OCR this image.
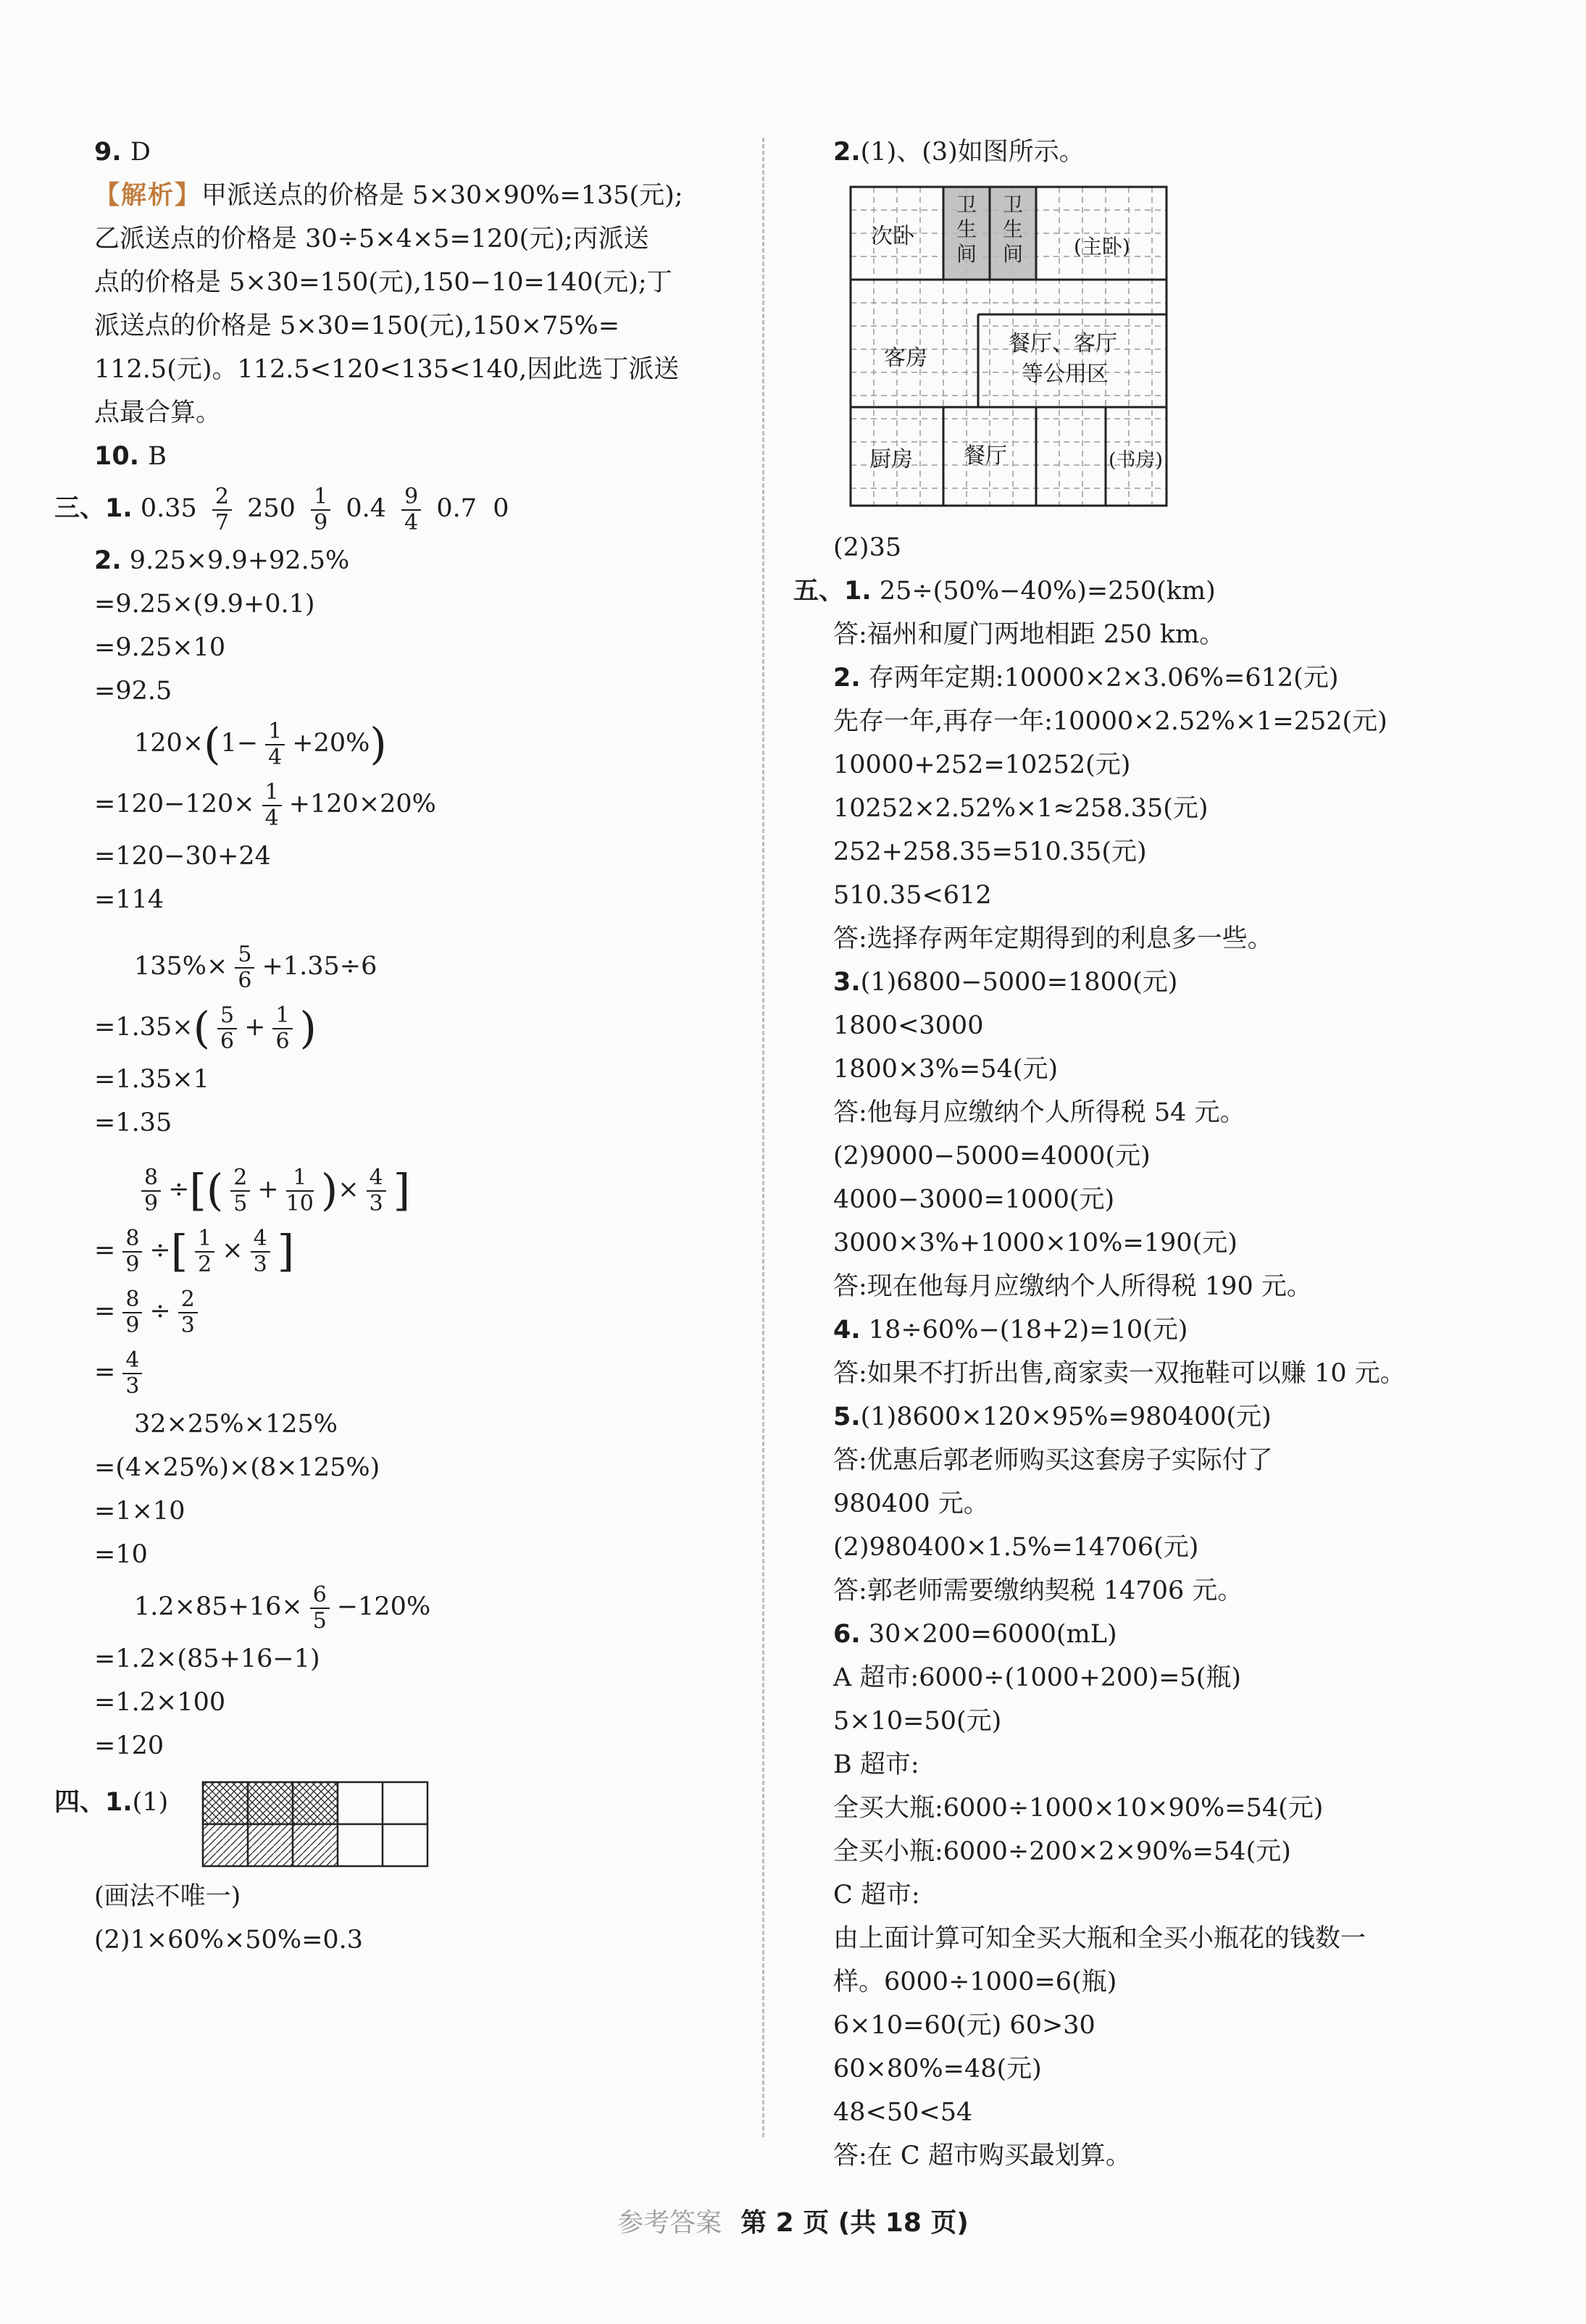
9. D
【解析】甲派送点的价格是 5×30×90%=135(元);
乙派送点的价格是 30÷5×4×5=120(元);丙派送
点的价格是 5×30=150(元),150−10=140(元);丁
派送点的价格是 5×30=150(元),150×75%=
112.5(元)。112.5<120<135<140,因此选丁派送
点最合算。
10. B
三、1. $0.35 \frac{2}{7} 250 \frac{1}{9} 0.4 \frac{9}{4} 0.7$ 0
2. 9.25×9.9+92.5%
=9.25×(9.9+0.1)
=9.25×10
=92.5
$120\times(1- \frac{1}{4} +20\%)$
$=120-120\times \frac{1}{4} +120\times 20\%$
=120−30+24
=114
$135\%\times \frac{5}{6} +1.35\div 6$
$=1.35\times( \frac{5}{6} + \frac{1}{6}$ )
=1.35×1
=1.35
$\frac{8}{9}$ ÷[( $\frac{2}{5} + \frac{1}{10}$ )× $\frac{4}{3}$ ]
= $\frac{8}{9}$ ÷[ $\frac{1}{2} \times \frac{4}{3}$ ]
= $\frac{8}{9} \div \frac{2}{3}$
= $\frac{4}{3}$
32×25%×125%
=(4×25%)×(8×125%)
=1×10
=10
$1.2\times 85+16\times \frac{6}{5} -120\%$
=1.2×(85+16−1)
=1.2×100
=120
四、1.(1)
(画法不唯一)
(2)1×60%×50%=0.3
2.(1)、(3)如图所示。
次卧	(主卧)
客房
餐厅、客厅
等公用区
厨房 餐厅	(书房)
卫生间
卫生间
(2)35
五、1. 25÷(50%−40%)=250(km)
答:福州和厦门两地相距 250 km。
2. 存两年定期:10000×2×3.06%=612(元)
先存一年,再存一年:10000×2.52%×1=252(元)
10000+252=10252(元)
10252×2.52%×1≈258.35(元)
252+258.35=510.35(元)
510.35<612
答:选择存两年定期得到的利息多一些。
3.(1)6800−5000=1800(元)
1800<3000
1800×3%=54(元)
答:他每月应缴纳个人所得税 54 元。
(2)9000−5000=4000(元)
4000−3000=1000(元)
3000×3%+1000×10%=190(元)
答:现在他每月应缴纳个人所得税 190 元。
4. 18÷60%−(18+2)=10(元)
答:如果不打折出售,商家卖一双拖鞋可以赚 10 元。
5.(1)8600×120×95%=980400(元)
答:优惠后郭老师购买这套房子实际付了
980400 元。
(2)980400×1.5%=14706(元)
答:郭老师需要缴纳契税 14706 元。
6. 30×200=6000(mL)
A 超市:6000÷(1000+200)=5(瓶)
5×10=50(元)
B 超市:
全买大瓶:6000÷1000×10×90%=54(元)
全买小瓶:6000÷200×2×90%=54(元)
C 超市:
由上面计算可知全买大瓶和全买小瓶花的钱数一
样。6000÷1000=6(瓶)
6×10=60(元) 60>30
60×80%=48(元)
48<50<54
答:在 C 超市购买最划算。
参考答案 第 2 页 (共 18 页)
